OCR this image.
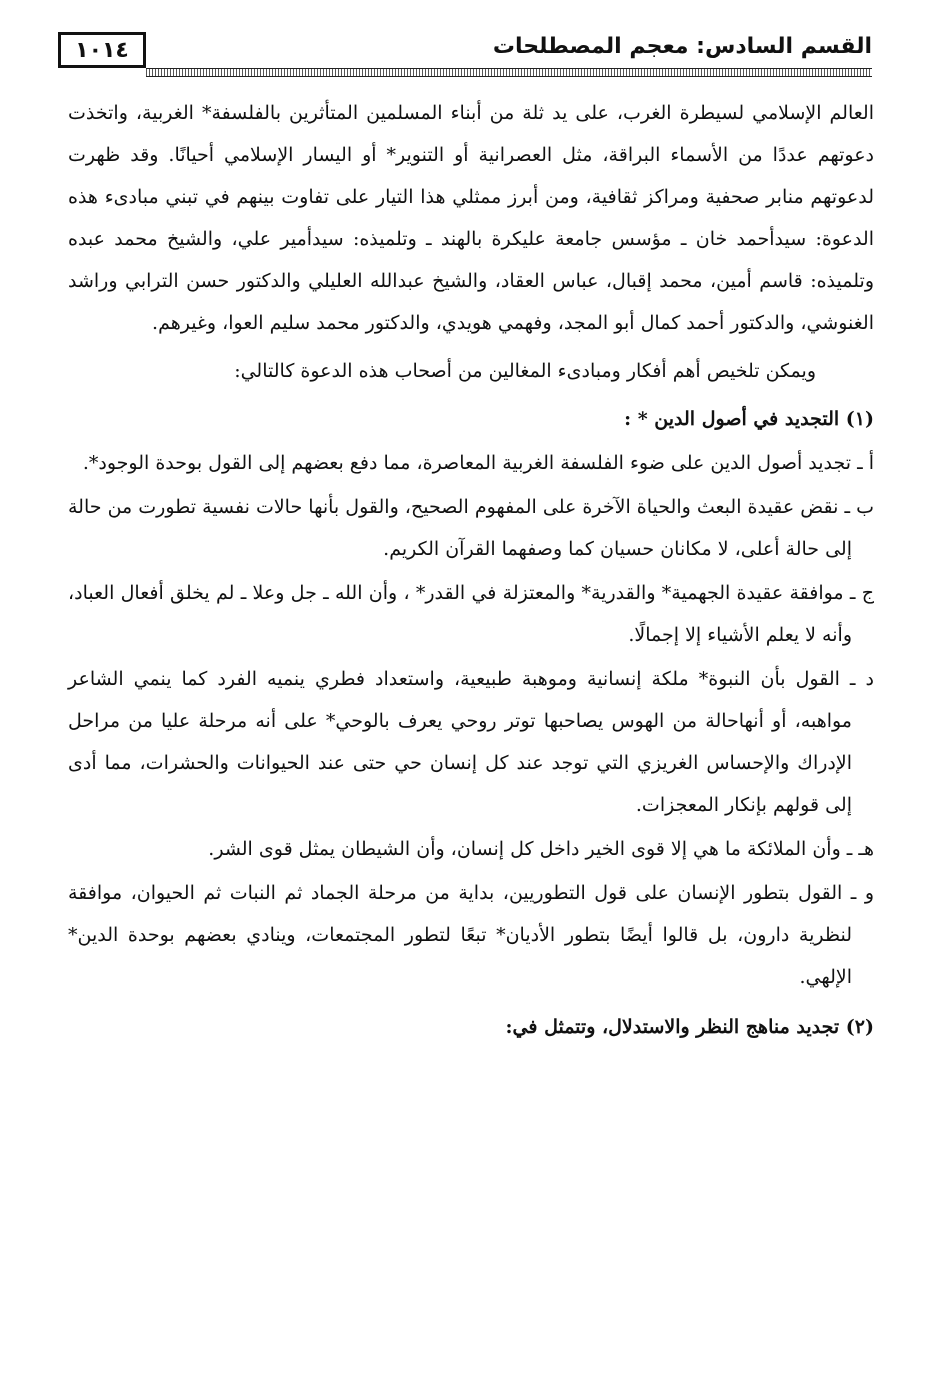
١٠١٤	القسم السادس: معجم المصطلحات

العالم الإسلامي لسيطرة الغرب، على يد ثلة من أبناء المسلمين المتأثرين بالفلسفة* الغربية، واتخذت دعوتهم عددًا من الأسماء البراقة، مثل العصرانية أو التنوير* أو اليسار الإسلامي أحيانًا. وقد ظهرت لدعوتهم منابر صحفية ومراكز ثقافية، ومن أبرز ممثلي هذا التيار على تفاوت بينهم في تبني مبادىء هذه الدعوة: سيدأحمد خان ـ مؤسس جامعة عليكرة بالهند ـ وتلميذه: سيدأمير علي، والشيخ محمد عبده وتلميذه: قاسم أمين، محمد إقبال، عباس العقاد، والشيخ عبدالله العليلي والدكتور حسن الترابي وراشد الغنوشي، والدكتور أحمد كمال أبو المجد، وفهمي هويدي، والدكتور محمد سليم العوا، وغيرهم.

ويمكن تلخيص أهم أفكار ومبادىء المغالين من أصحاب هذه الدعوة كالتالي:

(١) التجديد في أصول الدين * :

أ ـ تجديد أصول الدين على ضوء الفلسفة الغربية المعاصرة، مما دفع بعضهم إلى القول بوحدة الوجود*.

ب ـ نقض عقيدة البعث والحياة الآخرة على المفهوم الصحيح، والقول بأنها حالات نفسية تطورت من حالة إلى حالة أعلى، لا مكانان حسيان كما وصفهما القرآن الكريم.

ج ـ موافقة عقيدة الجهمية* والقدرية* والمعتزلة في القدر* ، وأن الله ـ جل وعلا ـ لم يخلق أفعال العباد، وأنه لا يعلم الأشياء إلا إجمالًا.

د ـ القول بأن النبوة* ملكة إنسانية وموهبة طبيعية، واستعداد فطري ينميه الفرد كما ينمي الشاعر مواهبه، أو أنهاحالة من الهوس يصاحبها توتر روحي يعرف بالوحي* على أنه مرحلة عليا من مراحل الإدراك والإحساس الغريزي التي توجد عند كل إنسان حي حتى عند الحيوانات والحشرات، مما أدى إلى قولهم بإنكار المعجزات.

هـ ـ وأن الملائكة ما هي إلا قوى الخير داخل كل إنسان، وأن الشيطان يمثل قوى الشر.

و ـ القول بتطور الإنسان على قول التطوريين، بداية من مرحلة الجماد ثم النبات ثم الحيوان، موافقة لنظرية دارون، بل قالوا أيضًا بتطور الأديان* تبعًا لتطور المجتمعات، وينادي بعضهم بوحدة الدين* الإلهي.

(٢) تجديد مناهج النظر والاستدلال، وتتمثل في:
